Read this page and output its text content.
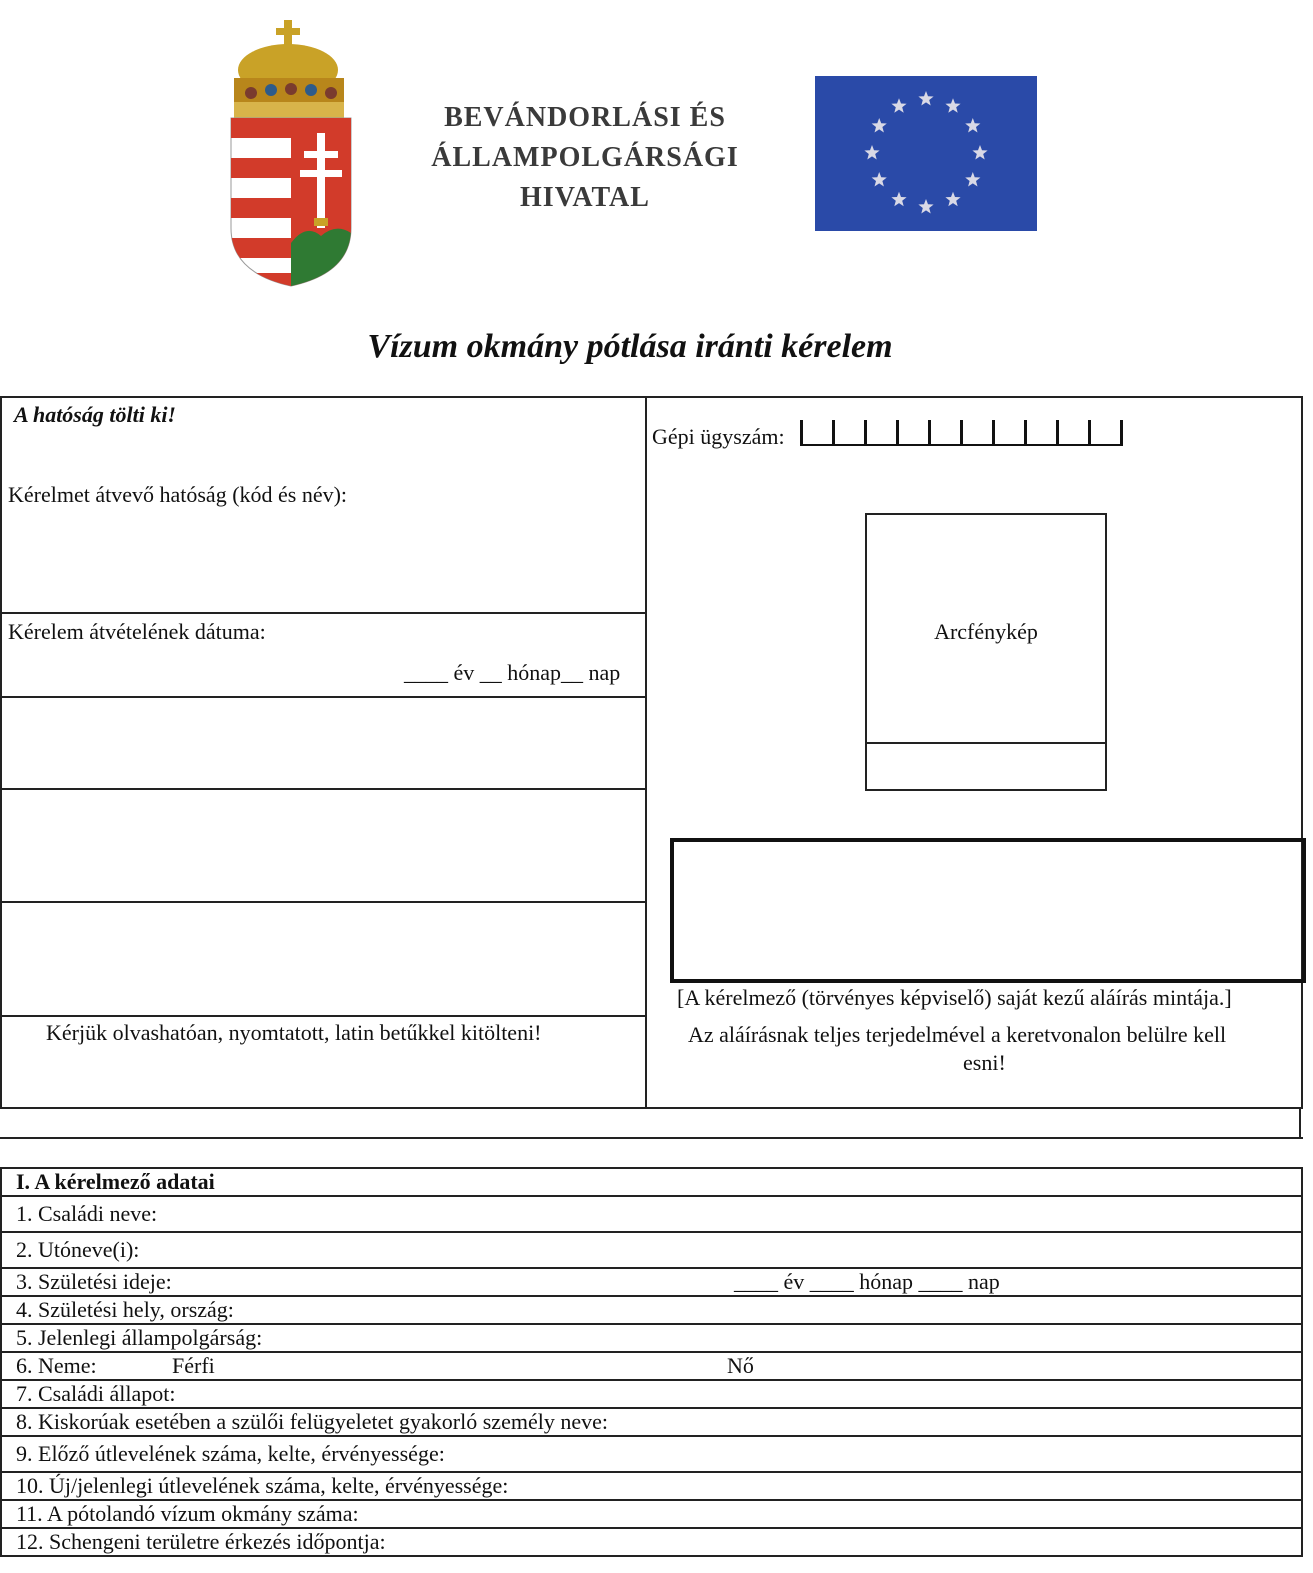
BEVÁNDORLÁSI ÉS
ÁLLAMPOLGÁRSÁGI
HIVATAL
Vízum okmány pótlása iránti kérelem
A hatóság tölti ki!
Kérelmet átvevő hatóság (kód és név):
Kérelem átvételének dátuma:
____ év __ hónap__ nap
Kérjük olvashatóan, nyomtatott, latin betűkkel kitölteni!
Gépi ügyszám:
Arcfénykép
[A kérelmező (törvényes képviselő) saját kezű aláírás mintája.]
Az aláírásnak teljes terjedelmével a keretvonalon belülre kell
esni!
I. A kérelmező adatai
1. Családi neve:
2. Utóneve(i):
3. Születési ideje:	____ év ____ hónap ____ nap

4. Születési hely, ország:
5. Jelenlegi állampolgárság:
6. Neme:	Férfi	Nő

7. Családi állapot:
8. Kiskorúak esetében a szülői felügyeletet gyakorló személy neve:
9. Előző útlevelének száma, kelte, érvényessége:
10. Új/jelenlegi útlevelének száma, kelte, érvényessége:
11. A pótolandó vízum okmány száma:
12. Schengeni területre érkezés időpontja:
